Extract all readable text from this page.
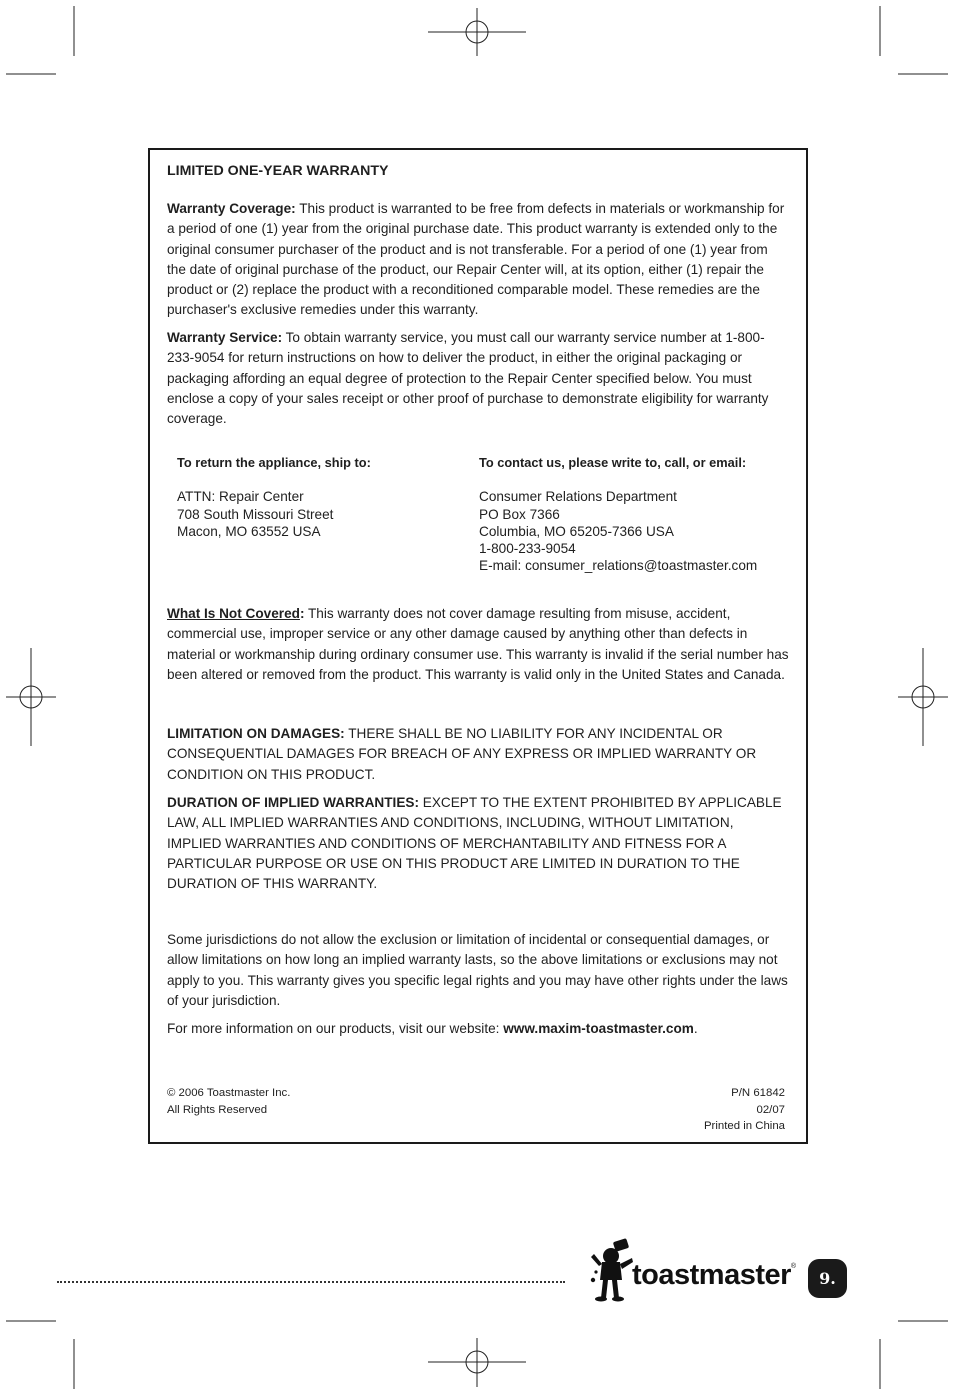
LIMITED ONE-YEAR WARRANTY

Warranty Coverage: This product is warranted to be free from defects in materials or workmanship for a period of one (1) year from the original purchase date. This product warranty is extended only to the original consumer purchaser of the product and is not transferable. For a period of one (1) year from the date of original purchase of the product, our Repair Center will, at its option, either (1) repair the product or (2) replace the product with a reconditioned comparable model. These remedies are the purchaser's exclusive remedies under this warranty.

Warranty Service: To obtain warranty service, you must call our warranty service number at 1-800-233-9054 for return instructions on how to deliver the product, in either the original packaging or packaging affording an equal degree of protection to the Repair Center specified below. You must enclose a copy of your sales receipt or other proof of purchase to demonstrate eligibility for warranty coverage.

To return the appliance, ship to:
ATTN: Repair Center
708 South Missouri Street
Macon, MO 63552 USA
To contact us, please write to, call, or email:
Consumer Relations Department
PO Box 7366
Columbia, MO 65205-7366 USA
1-800-233-9054
E-mail: consumer_relations@toastmaster.com

What Is Not Covered: This warranty does not cover damage resulting from misuse, accident, commercial use, improper service or any other damage caused by anything other than defects in material or workmanship during ordinary consumer use. This warranty is invalid if the serial number has been altered or removed from the product. This warranty is valid only in the United States and Canada.

LIMITATION ON DAMAGES: THERE SHALL BE NO LIABILITY FOR ANY INCIDENTAL OR CONSEQUENTIAL DAMAGES FOR BREACH OF ANY EXPRESS OR IMPLIED WARRANTY OR CONDITION ON THIS PRODUCT.

DURATION OF IMPLIED WARRANTIES: EXCEPT TO THE EXTENT PROHIBITED BY APPLICABLE LAW, ALL IMPLIED WARRANTIES AND CONDITIONS, INCLUDING, WITHOUT LIMITATION, IMPLIED WARRANTIES AND CONDITIONS OF MERCHANTABILITY AND FITNESS FOR A PARTICULAR PURPOSE OR USE ON THIS PRODUCT ARE LIMITED IN DURATION TO THE DURATION OF THIS WARRANTY.

Some jurisdictions do not allow the exclusion or limitation of incidental or consequential damages, or allow limitations on how long an implied warranty lasts, so the above limitations or exclusions may not apply to you. This warranty gives you specific legal rights and you may have other rights under the laws of your jurisdiction.

For more information on our products, visit our website: www.maxim-toastmaster.com.

© 2006 Toastmaster Inc.
All Rights Reserved
P/N 61842
02/07
Printed in China
toastmaster®
9.
